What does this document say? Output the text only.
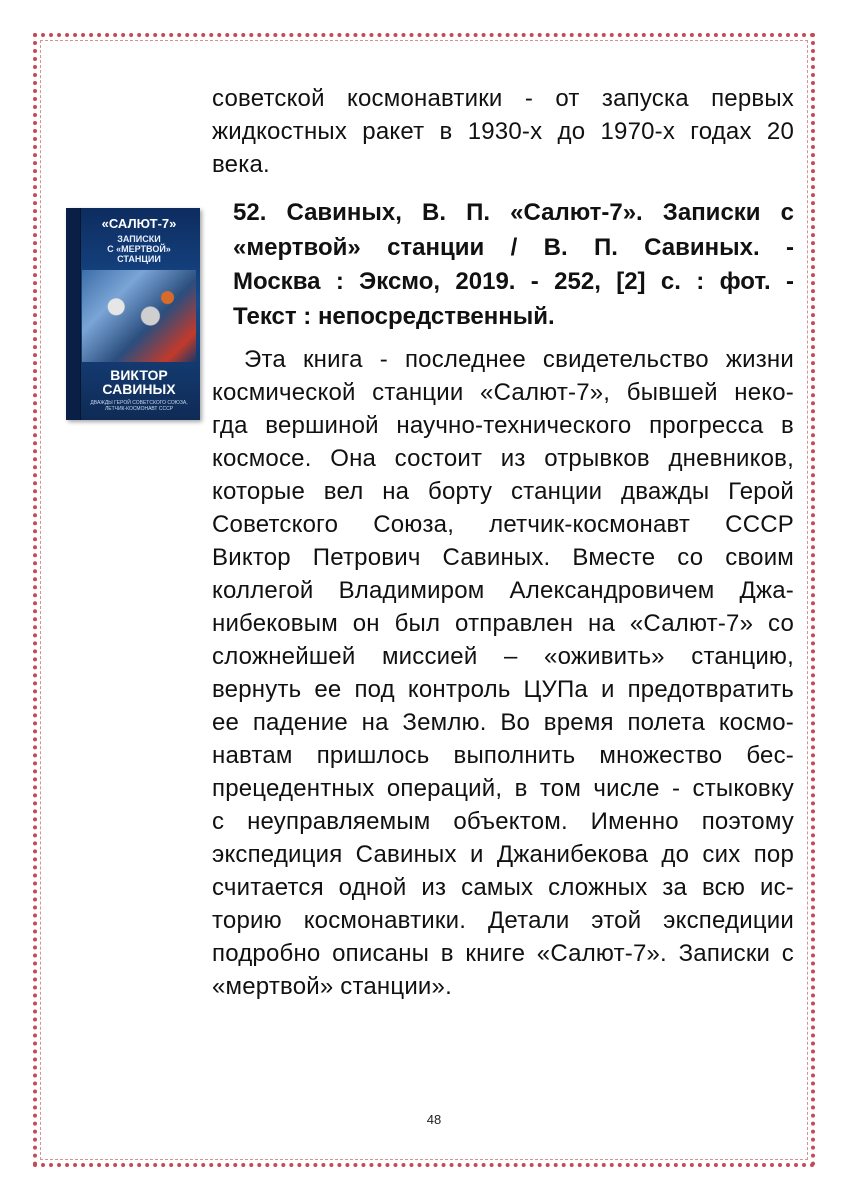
советской космонавтики - от запуска первых
жидкостных ракет в 1930-х до 1970-х годах 20
века.
«САЛЮТ-7»
ЗАПИСКИ
С «МЕРТВОЙ»
СТАНЦИИ
ВИКТОР
САВИНЫХ
ДВАЖДЫ ГЕРОЙ СОВЕТСКОГО СОЮЗА, ЛЕТЧИК-КОСМОНАВТ СССР
52. Савиных, В. П. «Салют-7». Записки с
«мертвой» станции / В. П. Савиных. -
Москва : Эксмо, 2019. - 252, [2] с. : фот. -
Текст : непосредственный.
Эта книга - последнее свидетельство жизни
космической станции «Салют-7», бывшей неко-
гда вершиной научно-технического прогресса в
космосе. Она состоит из отрывков дневников,
которые вел на борту станции дважды Герой
Советского Союза, летчик-космонавт СССР
Виктор Петрович Савиных. Вместе со своим
коллегой Владимиром Александровичем Джа-
нибековым он был отправлен на «Салют-7» со
сложнейшей миссией – «оживить» станцию,
вернуть ее под контроль ЦУПа и предотвратить
ее падение на Землю. Во время полета космо-
навтам пришлось выполнить множество бес-
прецедентных операций, в том числе - стыковку
с неуправляемым объектом. Именно поэтому
экспедиция Савиных и Джанибекова до сих пор
считается одной из самых сложных за всю ис-
торию космонавтики. Детали этой экспедиции
подробно описаны в книге «Салют-7». Записки с
«мертвой» станции».
48
